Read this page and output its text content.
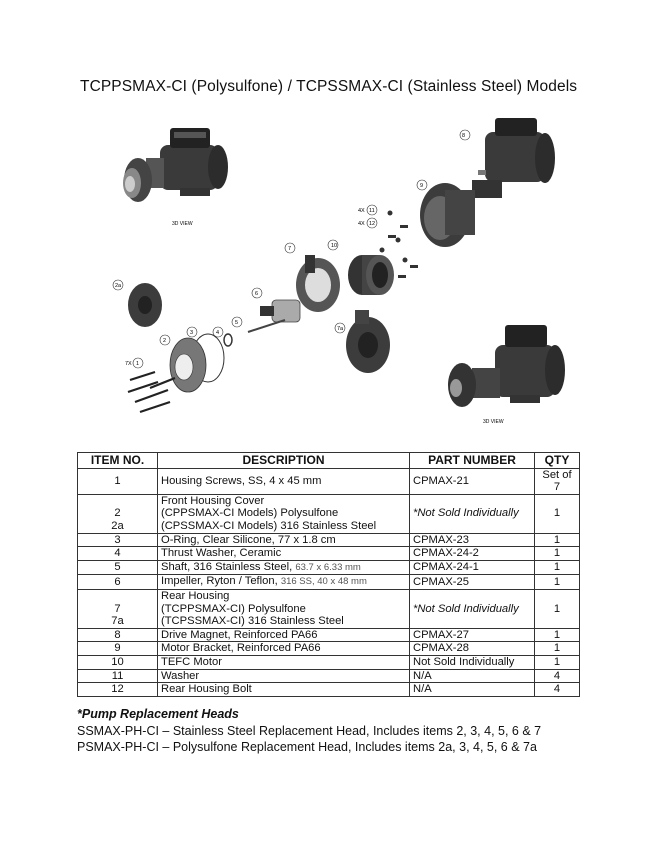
TCPPSMAX-CI (Polysulfone) / TCPSSMAX-CI (Stainless Steel) Models
3D VIEW
8
9
11
12
4X
4X
10
7
6
5
4
3
2
2a
1
7X
7a
3D VIEW
ITEM NO.	DESCRIPTION	PART NUMBER	QTY
1	Housing Screws, SS, 4 x 45 mm	CPMAX-21	Set of 7

2
2a	Front Housing Cover
(CPPSMAX-CI Models) Polysulfone
(CPSSMAX-CI Models) 316 Stainless Steel	*Not Sold Individually	1
3	O-Ring, Clear Silicone, 77 x 1.8 cm	CPMAX-23	1
4	Thrust Washer, Ceramic	CPMAX-24-2	1
5	Shaft, 316 Stainless Steel, 63.7 x 6.33 mm	CPMAX-24-1	1
6	Impeller, Ryton / Teflon, 316 SS, 40 x 48 mm	CPMAX-25	1

7
7a	Rear Housing
(TCPPSMAX-CI) Polysulfone
(TCPSSMAX-CI) 316 Stainless Steel	*Not Sold Individually	1
8	Drive Magnet, Reinforced PA66	CPMAX-27	1
9	Motor Bracket, Reinforced PA66	CPMAX-28	1
10	TEFC Motor	Not Sold Individually	1
11	Washer	N/A	4
12	Rear Housing Bolt	N/A	4
*Pump Replacement Heads
SSMAX-PH-CI – Stainless Steel Replacement Head, Includes items 2, 3, 4, 5, 6 & 7
PSMAX-PH-CI – Polysulfone Replacement Head, Includes items 2a, 3, 4, 5, 6 & 7a
